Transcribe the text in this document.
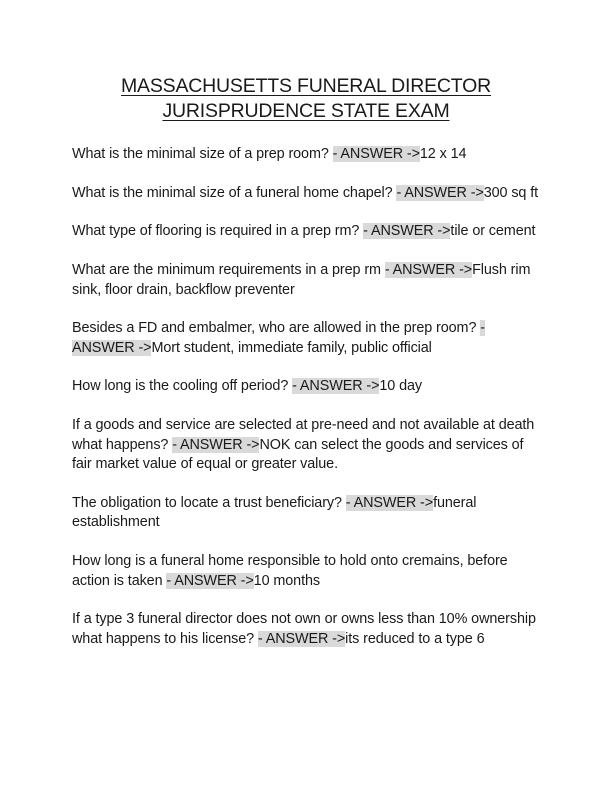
MASSACHUSETTS FUNERAL DIRECTOR
JURISPRUDENCE STATE EXAM

What is the minimal size of a prep room? - ANSWER ->12 x 14

What is the minimal size of a funeral home chapel? - ANSWER ->300 sq ft

What type of flooring is required in a prep rm? - ANSWER ->tile or cement

What are the minimum requirements in a prep rm - ANSWER ->Flush rim sink, floor drain, backflow preventer

Besides a FD and embalmer, who are allowed in the prep room? - ANSWER ->Mort student, immediate family, public official

How long is the cooling off period? - ANSWER ->10 day

If a goods and service are selected at pre-need and not available at death what happens? - ANSWER ->NOK can select the goods and services of fair market value of equal or greater value.

The obligation to locate a trust beneficiary? - ANSWER ->funeral establishment

How long is a funeral home responsible to hold onto cremains, before action is taken - ANSWER ->10 months

If a type 3 funeral director does not own or owns less than 10% ownership what happens to his license? - ANSWER ->its reduced to a type 6
